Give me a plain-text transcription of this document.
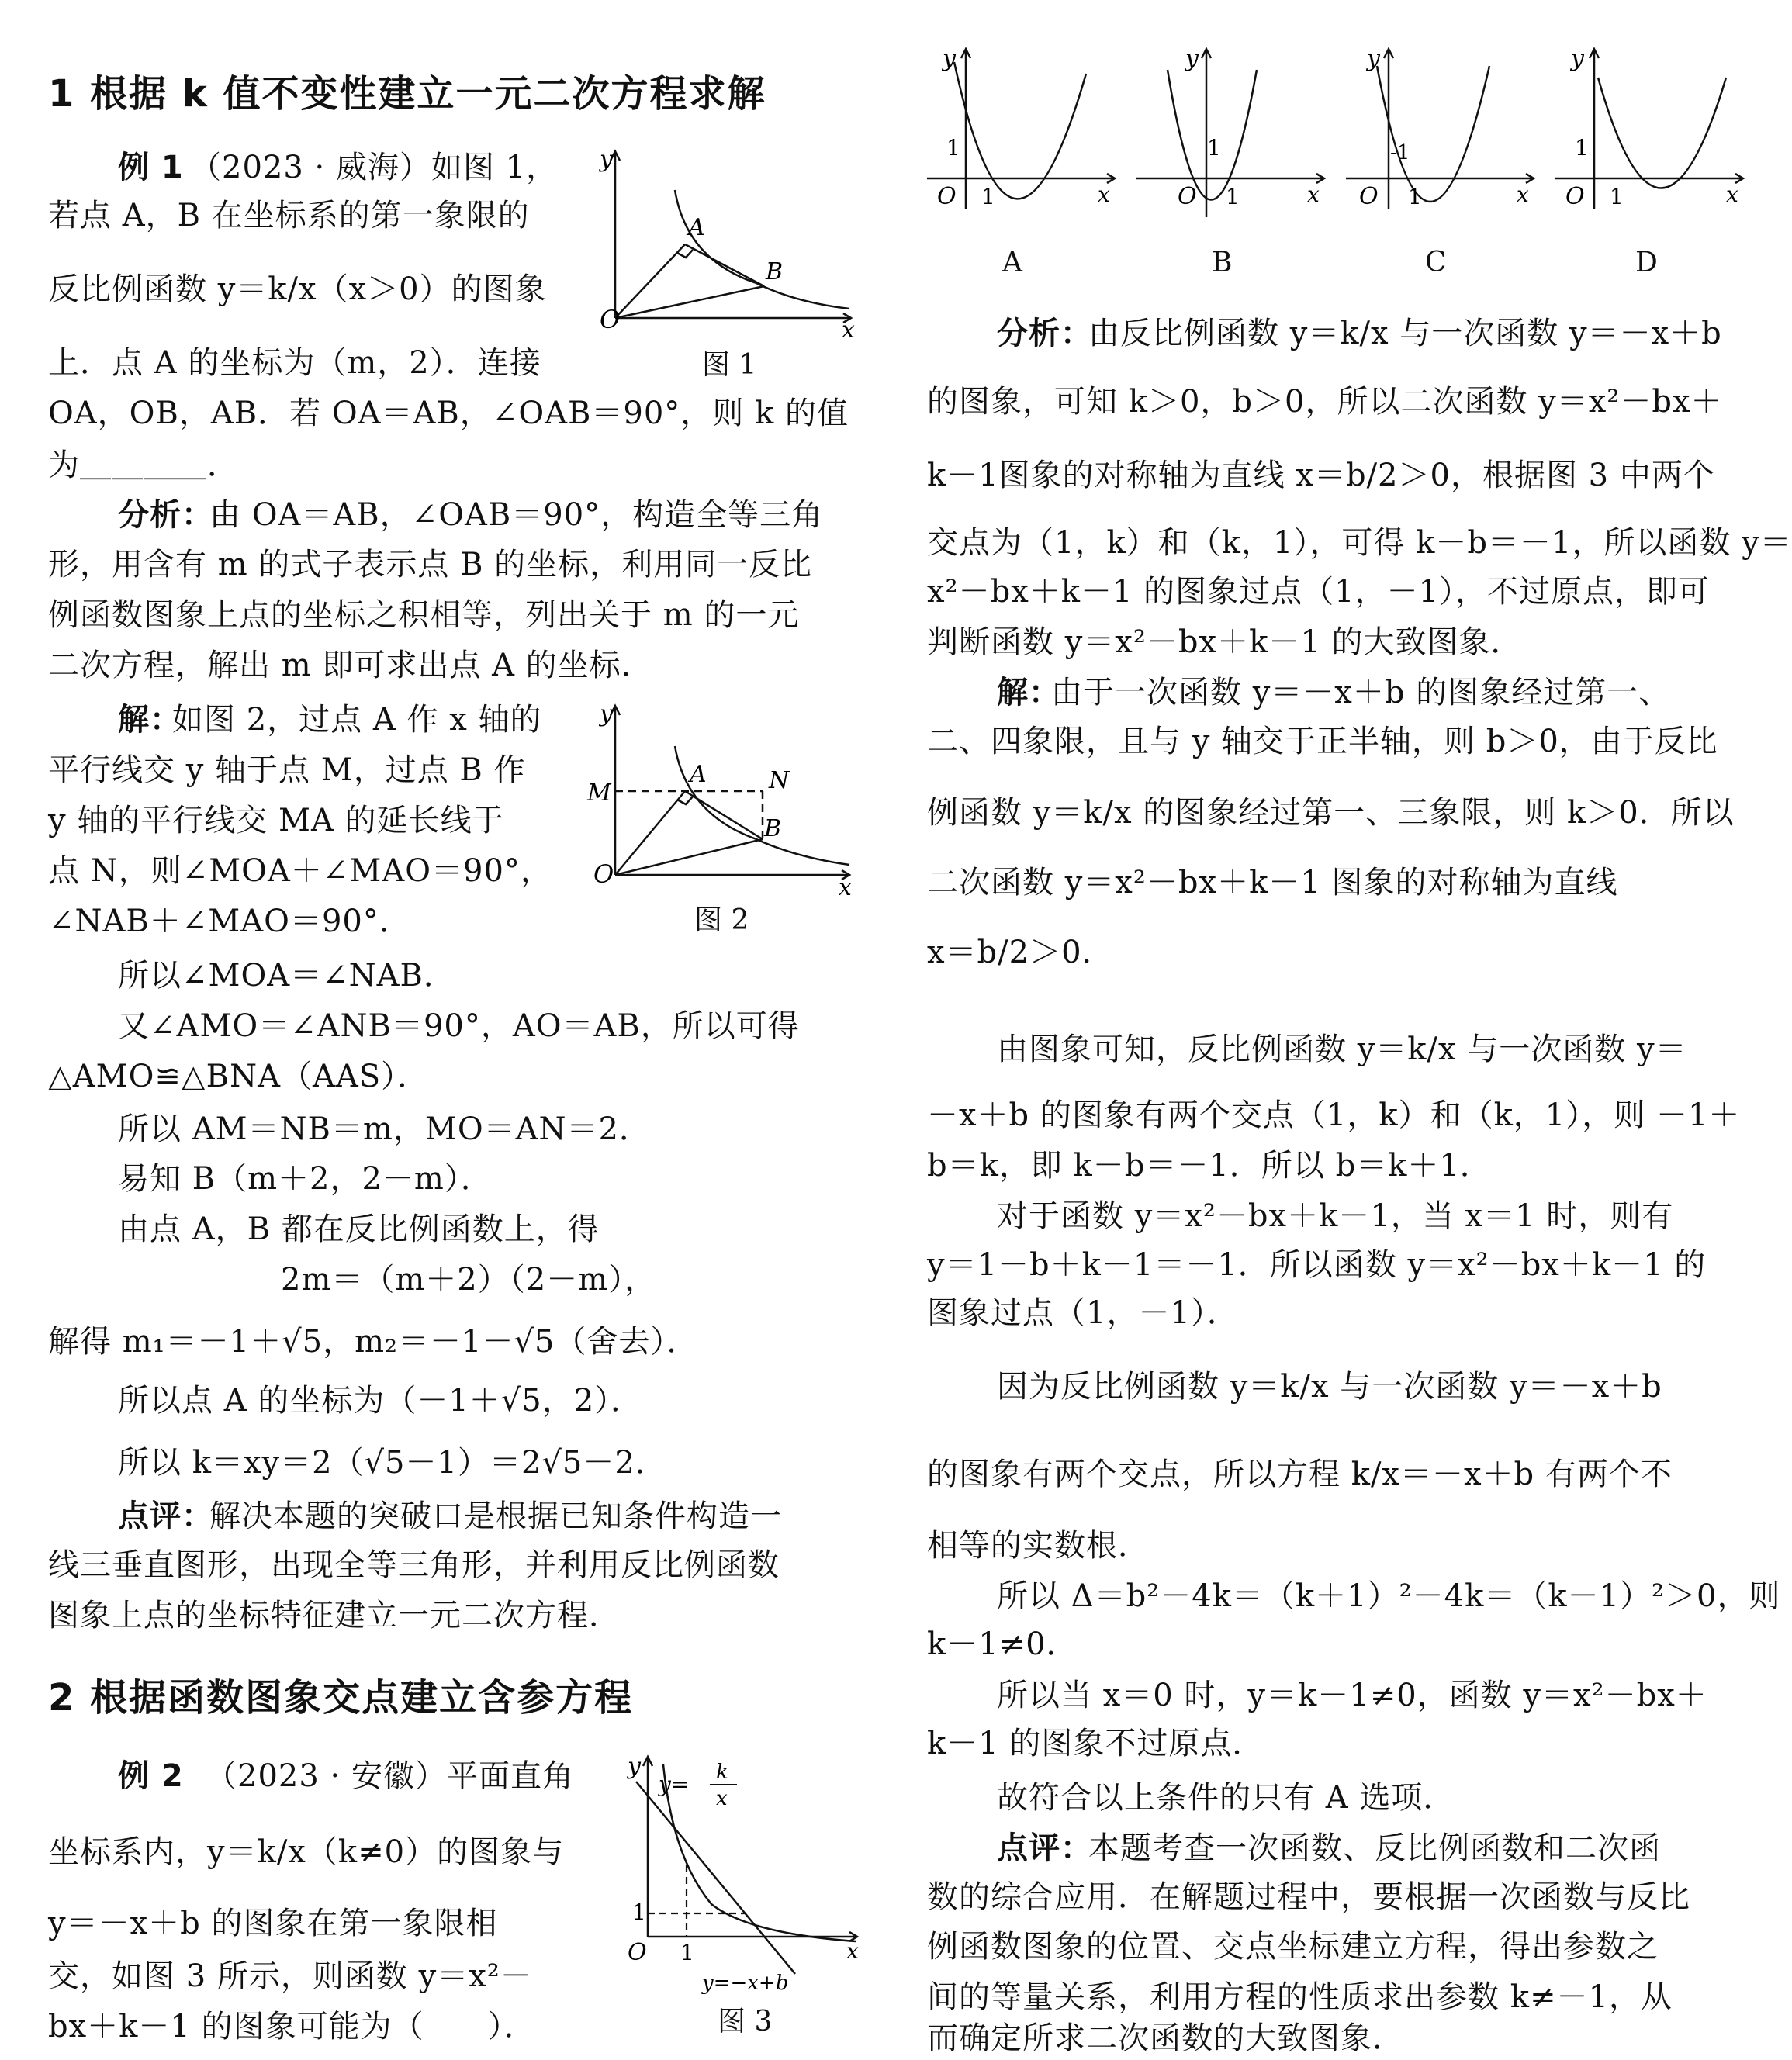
1 根据 k 值不变性建立一元二次方程求解
例 1 （2023 · 威海）如图 1，
若点 A，B 在坐标系的第一象限的
反比例函数 y＝k/x（x＞0）的图象
上．点 A 的坐标为（m，2）．连接
OA，OB，AB．若 OA＝AB，∠OAB＝90°，则 k 的值
为＿＿＿＿．
分析：
由 OA＝AB，∠OAB＝90°，构造全等三角
形，用含有 m 的式子表示点 B 的坐标，利用同一反比
例函数图象上点的坐标之积相等，列出关于 m 的一元
二次方程，解出 m 即可求出点 A 的坐标．
解：
如图 2，过点 A 作 x 轴的
平行线交 y 轴于点 M，过点 B 作
y 轴的平行线交 MA 的延长线于
点 N，则∠MOA＋∠MAO＝90°，
∠NAB＋∠MAO＝90°．
所以∠MOA＝∠NAB．
又∠AMO＝∠ANB＝90°，AO＝AB，所以可得
△AMO≌△BNA（AAS）．
所以 AM＝NB＝m，MO＝AN＝2．
易知 B（m＋2，2－m）．
由点 A，B 都在反比例函数上，得
2m＝（m＋2）（2－m），
解得 m₁＝－1＋√5，m₂＝－1－√5（舍去）．
所以点 A 的坐标为（－1＋√5，2）．
所以 k＝xy＝2（√5－1）＝2√5－2．
点评：
解决本题的突破口是根据已知条件构造一
线三垂直图形，出现全等三角形，并利用反比例函数
图象上点的坐标特征建立一元二次方程．
2 根据函数图象交点建立含参方程
例 2 （2023 · 安徽）平面直角
坐标系内，y＝k/x（k≠0）的图象与
y＝－x＋b 的图象在第一象限相
交，如图 3 所示，则函数 y＝x²－
bx＋k－1 的图象可能为（　　）．
O	x
y
A
B
图 1
O	x
y
M
A	N
B
图 2
y
y= k
x
1
1
O	x
y=−x+b
图 3
y
1
O 1	x
y
1
O 1	x
y
-1
O 1	x
y
1
O 1	x
A	B	C	D
分析：
由反比例函数 y＝k/x 与一次函数 y＝－x＋b
的图象，可知 k＞0，b＞0，所以二次函数 y＝x²－bx＋
k－1图象的对称轴为直线 x＝b/2＞0，根据图 3 中两个
交点为（1，k）和（k，1），可得 k－b＝－1，所以函数 y＝
x²－bx＋k－1 的图象过点（1，－1），不过原点，即可
判断函数 y＝x²－bx＋k－1 的大致图象．
解：
由于一次函数 y＝－x＋b 的图象经过第一、
二、四象限，且与 y 轴交于正半轴，则 b＞0，由于反比
例函数 y＝k/x 的图象经过第一、三象限，则 k＞0．所以
二次函数 y＝x²－bx＋k－1 图象的对称轴为直线
x＝b/2＞0．
由图象可知，反比例函数 y＝k/x 与一次函数 y＝
－x＋b 的图象有两个交点（1，k）和（k，1），则 －1＋
b＝k，即 k－b＝－1．所以 b＝k＋1．
对于函数 y＝x²－bx＋k－1，当 x＝1 时，则有
y＝1－b＋k－1＝－1．所以函数 y＝x²－bx＋k－1 的
图象过点（1，－1）．
因为反比例函数 y＝k/x 与一次函数 y＝－x＋b
的图象有两个交点，所以方程 k/x＝－x＋b 有两个不
相等的实数根．
所以 Δ＝b²－4k＝（k＋1）²－4k＝（k－1）²＞0，则
k－1≠0．
所以当 x＝0 时，y＝k－1≠0，函数 y＝x²－bx＋
k－1 的图象不过原点．
故符合以上条件的只有 A 选项．
点评：
本题考查一次函数、反比例函数和二次函
数的综合应用．在解题过程中，要根据一次函数与反比
例函数图象的位置、交点坐标建立方程，得出参数之
间的等量关系，利用方程的性质求出参数 k≠－1，从
而确定所求二次函数的大致图象．
